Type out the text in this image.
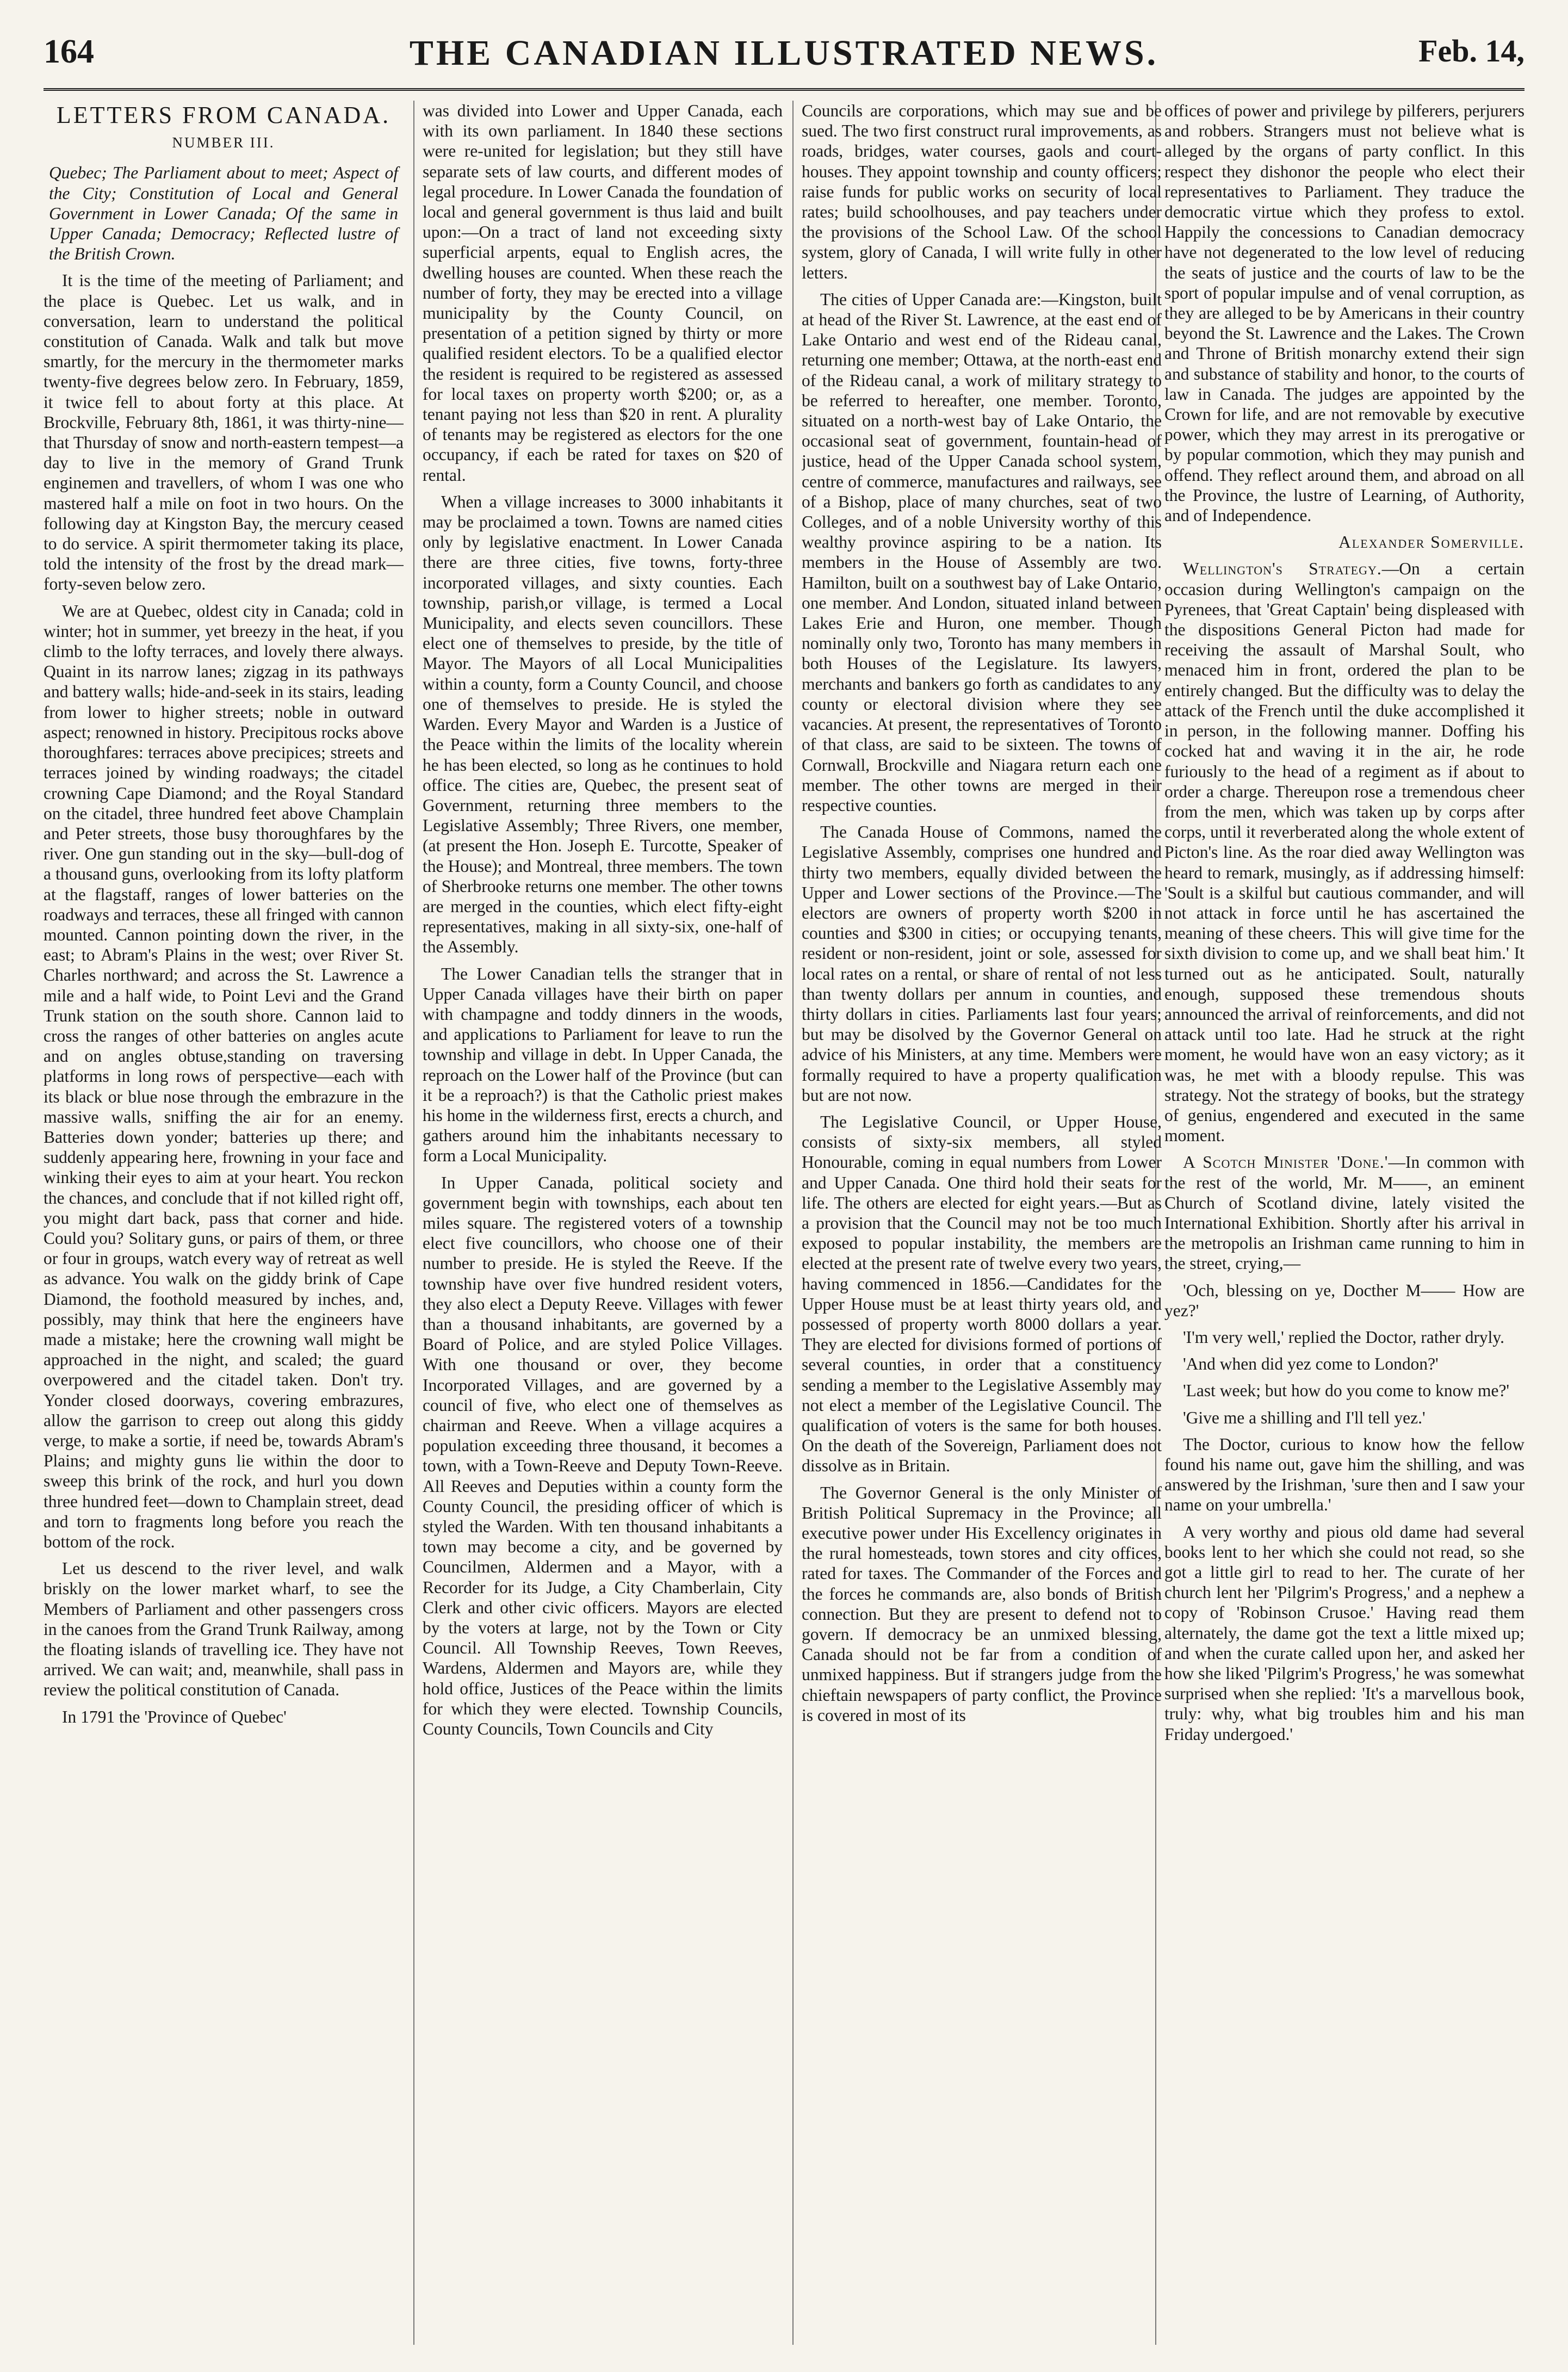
164	THE CANADIAN ILLUSTRATED NEWS.	Feb. 14,
LETTERS FROM CANADA.
NUMBER III.

Quebec; The Parliament about to meet; Aspect of the City; Constitution of Local and General Government in Lower Canada; Of the same in Upper Canada; Democracy; Reflected lustre of the British Crown.

It is the time of the meeting of Parliament; and the place is Quebec. Let us walk, and in conversation, learn to understand the political constitution of Canada. Walk and talk but move smartly, for the mercury in the thermometer marks twenty-five degrees below zero. In February, 1859, it twice fell to about forty at this place. At Brockville, February 8th, 1861, it was thirty-nine—that Thursday of snow and north-eastern tempest—a day to live in the memory of Grand Trunk enginemen and travellers, of whom I was one who mastered half a mile on foot in two hours. On the following day at Kingston Bay, the mercury ceased to do service. A spirit thermometer taking its place, told the intensity of the frost by the dread mark—forty-seven below zero.

We are at Quebec, oldest city in Canada; cold in winter; hot in summer, yet breezy in the heat, if you climb to the lofty terraces, and lovely there always. Quaint in its narrow lanes; zigzag in its pathways and battery walls; hide-and-seek in its stairs, leading from lower to higher streets; noble in outward aspect; renowned in history. Precipitous rocks above thoroughfares: terraces above precipices; streets and terraces joined by winding roadways; the citadel crowning Cape Diamond; and the Royal Standard on the citadel, three hundred feet above Champlain and Peter streets, those busy thoroughfares by the river. One gun standing out in the sky—bull-dog of a thousand guns, overlooking from its lofty platform at the flagstaff, ranges of lower batteries on the roadways and terraces, these all fringed with cannon mounted. Cannon pointing down the river, in the east; to Abram's Plains in the west; over River St. Charles northward; and across the St. Lawrence a mile and a half wide, to Point Levi and the Grand Trunk station on the south shore. Cannon laid to cross the ranges of other batteries on angles acute and on angles obtuse,standing on traversing platforms in long rows of perspective—each with its black or blue nose through the embrazure in the massive walls, sniffing the air for an enemy. Batteries down yonder; batteries up there; and suddenly appearing here, frowning in your face and winking their eyes to aim at your heart. You reckon the chances, and conclude that if not killed right off, you might dart back, pass that corner and hide. Could you? Solitary guns, or pairs of them, or three or four in groups, watch every way of retreat as well as advance. You walk on the giddy brink of Cape Diamond, the foothold measured by inches, and, possibly, may think that here the engineers have made a mistake; here the crowning wall might be approached in the night, and scaled; the guard overpowered and the citadel taken. Don't try. Yonder closed doorways, covering embrazures, allow the garrison to creep out along this giddy verge, to make a sortie, if need be, towards Abram's Plains; and mighty guns lie within the door to sweep this brink of the rock, and hurl you down three hundred feet—down to Champlain street, dead and torn to fragments long before you reach the bottom of the rock.

Let us descend to the river level, and walk briskly on the lower market wharf, to see the Members of Parliament and other passengers cross in the canoes from the Grand Trunk Railway, among the floating islands of travelling ice. They have not arrived. We can wait; and, meanwhile, shall pass in review the political constitution of Canada.

In 1791 the 'Province of Quebec'

was divided into Lower and Upper Canada, each with its own parliament. In 1840 these sections were re-united for legislation; but they still have separate sets of law courts, and different modes of legal procedure. In Lower Canada the foundation of local and general government is thus laid and built upon:—On a tract of land not exceeding sixty superficial arpents, equal to English acres, the dwelling houses are counted. When these reach the number of forty, they may be erected into a village municipality by the County Council, on presentation of a petition signed by thirty or more qualified resident electors. To be a qualified elector the resident is required to be registered as assessed for local taxes on property worth $200; or, as a tenant paying not less than $20 in rent. A plurality of tenants may be registered as electors for the one occupancy, if each be rated for taxes on $20 of rental.

When a village increases to 3000 inhabitants it may be proclaimed a town. Towns are named cities only by legislative enactment. In Lower Canada there are three cities, five towns, forty-three incorporated villages, and sixty counties. Each township, parish,or village, is termed a Local Municipality, and elects seven councillors. These elect one of themselves to preside, by the title of Mayor. The Mayors of all Local Municipalities within a county, form a County Council, and choose one of themselves to preside. He is styled the Warden. Every Mayor and Warden is a Justice of the Peace within the limits of the locality wherein he has been elected, so long as he continues to hold office. The cities are, Quebec, the present seat of Government, returning three members to the Legislative Assembly; Three Rivers, one member, (at present the Hon. Joseph E. Turcotte, Speaker of the House); and Montreal, three members. The town of Sherbrooke returns one member. The other towns are merged in the counties, which elect fifty-eight representatives, making in all sixty-six, one-half of the Assembly.

The Lower Canadian tells the stranger that in Upper Canada villages have their birth on paper with champagne and toddy dinners in the woods, and applications to Parliament for leave to run the township and village in debt. In Upper Canada, the reproach on the Lower half of the Province (but can it be a reproach?) is that the Catholic priest makes his home in the wilderness first, erects a church, and gathers around him the inhabitants necessary to form a Local Municipality.

In Upper Canada, political society and government begin with townships, each about ten miles square. The registered voters of a township elect five councillors, who choose one of their number to preside. He is styled the Reeve. If the township have over five hundred resident voters, they also elect a Deputy Reeve. Villages with fewer than a thousand inhabitants, are governed by a Board of Police, and are styled Police Villages. With one thousand or over, they become Incorporated Villages, and are governed by a council of five, who elect one of themselves as chairman and Reeve. When a village acquires a population exceeding three thousand, it becomes a town, with a Town-Reeve and Deputy Town-Reeve. All Reeves and Deputies within a county form the County Council, the presiding officer of which is styled the Warden. With ten thousand inhabitants a town may become a city, and be governed by Councilmen, Aldermen and a Mayor, with a Recorder for its Judge, a City Chamberlain, City Clerk and other civic officers. Mayors are elected by the voters at large, not by the Town or City Council. All Township Reeves, Town Reeves, Wardens, Aldermen and Mayors are, while they hold office, Justices of the Peace within the limits for which they were elected. Township Councils, County Councils, Town Councils and City

Councils are corporations, which may sue and be sued. The two first construct rural improvements, as roads, bridges, water courses, gaols and court-houses. They appoint township and county officers; raise funds for public works on security of local rates; build schoolhouses, and pay teachers under the provisions of the School Law. Of the school system, glory of Canada, I will write fully in other letters.

The cities of Upper Canada are:—Kingston, built at head of the River St. Lawrence, at the east end of Lake Ontario and west end of the Rideau canal, returning one member; Ottawa, at the north-east end of the Rideau canal, a work of military strategy to be referred to hereafter, one member. Toronto, situated on a north-west bay of Lake Ontario, the occasional seat of government, fountain-head of justice, head of the Upper Canada school system, centre of commerce, manufactures and railways, see of a Bishop, place of many churches, seat of two Colleges, and of a noble University worthy of this wealthy province aspiring to be a nation. Its members in the House of Assembly are two. Hamilton, built on a southwest bay of Lake Ontario, one member. And London, situated inland between Lakes Erie and Huron, one member. Though nominally only two, Toronto has many members in both Houses of the Legislature. Its lawyers, merchants and bankers go forth as candidates to any county or electoral division where they see vacancies. At present, the representatives of Toronto of that class, are said to be sixteen. The towns of Cornwall, Brockville and Niagara return each one member. The other towns are merged in their respective counties.

The Canada House of Commons, named the Legislative Assembly, comprises one hundred and thirty two members, equally divided between the Upper and Lower sections of the Province.—The electors are owners of property worth $200 in counties and $300 in cities; or occupying tenants, resident or non-resident, joint or sole, assessed for local rates on a rental, or share of rental of not less than twenty dollars per annum in counties, and thirty dollars in cities. Parliaments last four years; but may be disolved by the Governor General on advice of his Ministers, at any time. Members were formally required to have a property qualification but are not now.

The Legislative Council, or Upper House, consists of sixty-six members, all styled Honourable, coming in equal numbers from Lower and Upper Canada. One third hold their seats for life. The others are elected for eight years.—But as a provision that the Council may not be too much exposed to popular instability, the members are elected at the present rate of twelve every two years, having commenced in 1856.—Candidates for the Upper House must be at least thirty years old, and possessed of property worth 8000 dollars a year. They are elected for divisions formed of portions of several counties, in order that a constituency sending a member to the Legislative Assembly may not elect a member of the Legislative Council. The qualification of voters is the same for both houses. On the death of the Sovereign, Parliament does not dissolve as in Britain.

The Governor General is the only Minister of British Political Supremacy in the Province; all executive power under His Excellency originates in the rural homesteads, town stores and city offices, rated for taxes. The Commander of the Forces and the forces he commands are, also bonds of British connection. But they are present to defend not to govern. If democracy be an unmixed blessing, Canada should not be far from a condition of unmixed happiness. But if strangers judge from the chieftain newspapers of party conflict, the Province is covered in most of its

offices of power and privilege by pilferers, perjurers and robbers. Strangers must not believe what is alleged by the organs of party conflict. In this respect they dishonor the people who elect their representatives to Parliament. They traduce the democratic virtue which they profess to extol. Happily the concessions to Canadian democracy have not degenerated to the low level of reducing the seats of justice and the courts of law to be the sport of popular impulse and of venal corruption, as they are alleged to be by Americans in their country beyond the St. Lawrence and the Lakes. The Crown and Throne of British monarchy extend their sign and substance of stability and honor, to the courts of law in Canada. The judges are appointed by the Crown for life, and are not removable by executive power, which they may arrest in its prerogative or by popular commotion, which they may punish and offend. They reflect around them, and abroad on all the Province, the lustre of Learning, of Authority, and of Independence.

Alexander Somerville.

Wellington's Strategy.—On a certain occasion during Wellington's campaign on the Pyrenees, that 'Great Captain' being displeased with the dispositions General Picton had made for receiving the assault of Marshal Soult, who menaced him in front, ordered the plan to be entirely changed. But the difficulty was to delay the attack of the French until the duke accomplished it in person, in the following manner. Doffing his cocked hat and waving it in the air, he rode furiously to the head of a regiment as if about to order a charge. Thereupon rose a tremendous cheer from the men, which was taken up by corps after corps, until it reverberated along the whole extent of Picton's line. As the roar died away Wellington was heard to remark, musingly, as if addressing himself: 'Soult is a skilful but cautious commander, and will not attack in force until he has ascertained the meaning of these cheers. This will give time for the sixth division to come up, and we shall beat him.' It turned out as he anticipated. Soult, naturally enough, supposed these tremendous shouts announced the arrival of reinforcements, and did not attack until too late. Had he struck at the right moment, he would have won an easy victory; as it was, he met with a bloody repulse. This was strategy. Not the strategy of books, but the strategy of genius, engendered and executed in the same moment.

A Scotch Minister 'Done.'—In common with the rest of the world, Mr. M——, an eminent Church of Scotland divine, lately visited the International Exhibition. Shortly after his arrival in the metropolis an Irishman came running to him in the street, crying,—

'Och, blessing on ye, Docther M—— How are yez?'

'I'm very well,' replied the Doctor, rather dryly.

'And when did yez come to London?'

'Last week; but how do you come to know me?'

'Give me a shilling and I'll tell yez.'

The Doctor, curious to know how the fellow found his name out, gave him the shilling, and was answered by the Irishman, 'sure then and I saw your name on your umbrella.'

A very worthy and pious old dame had several books lent to her which she could not read, so she got a little girl to read to her. The curate of her church lent her 'Pilgrim's Progress,' and a nephew a copy of 'Robinson Crusoe.' Having read them alternately, the dame got the text a little mixed up; and when the curate called upon her, and asked her how she liked 'Pilgrim's Progress,' he was somewhat surprised when she replied: 'It's a marvellous book, truly: why, what big troubles him and his man Friday undergoed.'
